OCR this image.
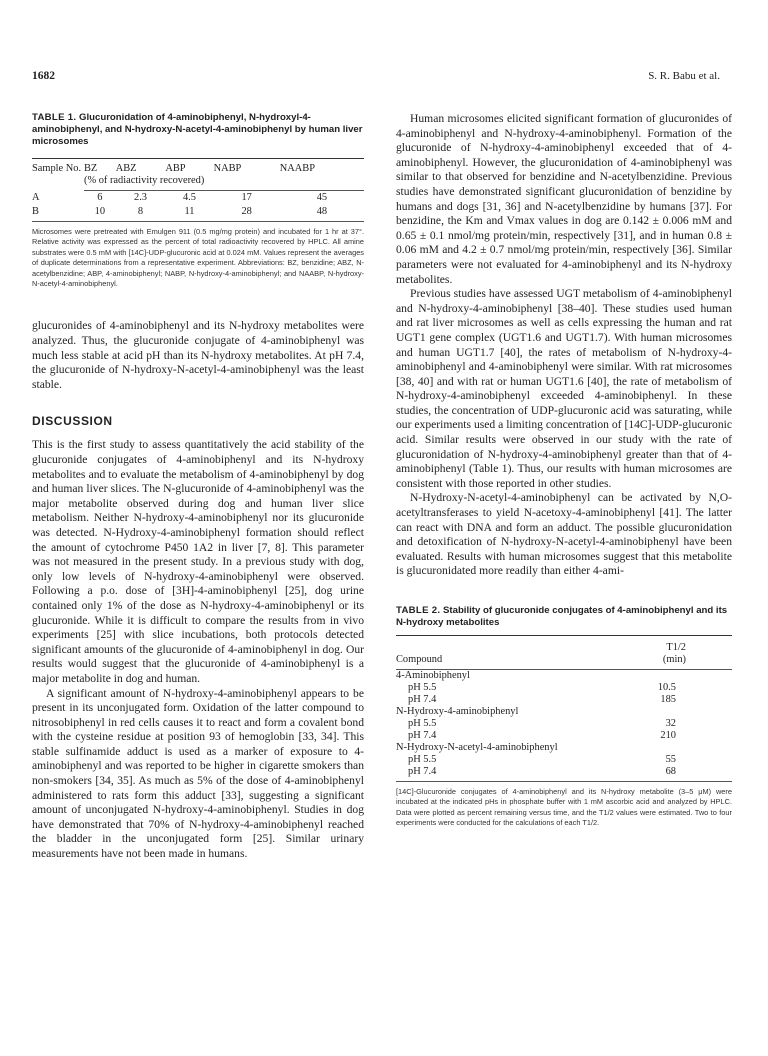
1682	S. R. Babu et al.
TABLE 1. Glucuronidation of 4-aminobiphenyl, N-hydroxyl-4-aminobiphenyl, and N-hydroxy-N-acetyl-4-aminobiphenyl by human liver microsomes
Sample No.	BZ	ABZ	ABP	NABP	NAABP
	(% of radiactivity recovered)				
A	6	2.3	4.5	17	45
B	10	8	11	28	48
Microsomes were pretreated with Emulgen 911 (0.5 mg/mg protein) and incubated for 1 hr at 37°. Relative activity was expressed as the percent of total radioactivity recovered by HPLC. All amine substrates were 0.5 mM with [14C]-UDP-glucuronic acid at 0.024 mM. Values represent the averages of duplicate determinations from a representative experiment. Abbreviations: BZ, benzidine; ABZ, N-acetylbenzidine; ABP, 4-aminobiphenyl; NABP, N-hydroxy-4-aminobiphenyl; and NAABP, N-hydroxy-N-acetyl-4-aminobiphenyl.

glucuronides of 4-aminobiphenyl and its N-hydroxy metabolites were analyzed. Thus, the glucuronide conjugate of 4-aminobiphenyl was much less stable at acid pH than its N-hydroxy metabolites. At pH 7.4, the glucuronide of N-hydroxy-N-acetyl-4-aminobiphenyl was the least stable.

DISCUSSION

This is the first study to assess quantitatively the acid stability of the glucuronide conjugates of 4-aminobiphenyl and its N-hydroxy metabolites and to evaluate the metabolism of 4-aminobiphenyl by dog and human liver slices. The N-glucuronide of 4-aminobiphenyl was the major metabolite observed during dog and human liver slice metabolism. Neither N-hydroxy-4-aminobiphenyl nor its glucuronide was detected. N-Hydroxy-4-aminobiphenyl formation should reflect the amount of cytochrome P450 1A2 in liver [7, 8]. This parameter was not measured in the present study. In a previous study with dog, only low levels of N-hydroxy-4-aminobiphenyl were observed. Following a p.o. dose of [3H]-4-aminobiphenyl [25], dog urine contained only 1% of the dose as N-hydroxy-4-aminobiphenyl or its glucuronide. While it is difficult to compare the results from in vivo experiments [25] with slice incubations, both protocols detected significant amounts of the glucuronide of 4-aminobiphenyl in dog. Our results would suggest that the glucuronide of 4-aminobiphenyl is a major metabolite in dog and human.

A significant amount of N-hydroxy-4-aminobiphenyl appears to be present in its unconjugated form. Oxidation of the latter compound to nitrosobiphenyl in red cells causes it to react and form a covalent bond with the cysteine residue at position 93 of hemoglobin [33, 34]. This stable sulfinamide adduct is used as a marker of exposure to 4-aminobiphenyl and was reported to be higher in cigarette smokers than non-smokers [34, 35]. As much as 5% of the dose of 4-aminobiphenyl administered to rats form this adduct [33], suggesting a significant amount of unconjugated N-hydroxy-4-aminobiphenyl. Studies in dog have demonstrated that 70% of N-hydroxy-4-aminobiphenyl reached the bladder in the unconjugated form [25]. Similar urinary measurements have not been made in humans.

Human microsomes elicited significant formation of glucuronides of 4-aminobiphenyl and N-hydroxy-4-aminobiphenyl. Formation of the glucuronide of N-hydroxy-4-aminobiphenyl exceeded that of 4-aminobiphenyl. However, the glucuronidation of 4-aminobiphenyl was similar to that observed for benzidine and N-acetylbenzidine. Previous studies have demonstrated significant glucuronidation of benzidine by humans and dogs [31, 36] and N-acetylbenzidine by humans [37]. For benzidine, the Km and Vmax values in dog are 0.142 ± 0.006 mM and 0.65 ± 0.1 nmol/mg protein/min, respectively [31], and in human 0.8 ± 0.06 mM and 4.2 ± 0.7 nmol/mg protein/min, respectively [36]. Similar parameters were not evaluated for 4-aminobiphenyl and its N-hydroxy metabolites.

Previous studies have assessed UGT metabolism of 4-aminobiphenyl and N-hydroxy-4-aminobiphenyl [38–40]. These studies used human and rat liver microsomes as well as cells expressing the human and rat UGT1 gene complex (UGT1.6 and UGT1.7). With human microsomes and human UGT1.7 [40], the rates of metabolism of N-hydroxy-4-aminobiphenyl and 4-aminobiphenyl were similar. With rat microsomes [38, 40] and with rat or human UGT1.6 [40], the rate of metabolism of N-hydroxy-4-aminobiphenyl exceeded 4-aminobiphenyl. In these studies, the concentration of UDP-glucuronic acid was saturating, while our experiments used a limiting concentration of [14C]-UDP-glucuronic acid. Similar results were observed in our study with the rate of glucuronidation of N-hydroxy-4-aminobiphenyl greater than that of 4-aminobiphenyl (Table 1). Thus, our results with human microsomes are consistent with those reported in other studies.

N-Hydroxy-N-acetyl-4-aminobiphenyl can be activated by N,O-acetyltransferases to yield N-acetoxy-4-aminobiphenyl [41]. The latter can react with DNA and form an adduct. The possible glucuronidation and detoxification of N-hydroxy-N-acetyl-4-aminobiphenyl have been evaluated. Results with human microsomes suggest that this metabolite is glucuronidated more readily than either 4-ami-

TABLE 2. Stability of glucuronide conjugates of 4-aminobiphenyl and its N-hydroxy metabolites
Compound	T1/2
(min)

4-Aminobiphenyl	
pH 5.5	10.5
pH 7.4	185
N-Hydroxy-4-aminobiphenyl	
pH 5.5	32
pH 7.4	210
N-Hydroxy-N-acetyl-4-aminobiphenyl	
pH 5.5	55
pH 7.4	68
[14C]-Glucuronide conjugates of 4-aminobiphenyl and its N-hydroxy metabolite (3–5 μM) were incubated at the indicated pHs in phosphate buffer with 1 mM ascorbic acid and analyzed by HPLC. Data were plotted as percent remaining versus time, and the T1/2 values were estimated. Two to four experiments were conducted for the calculations of each T1/2.
